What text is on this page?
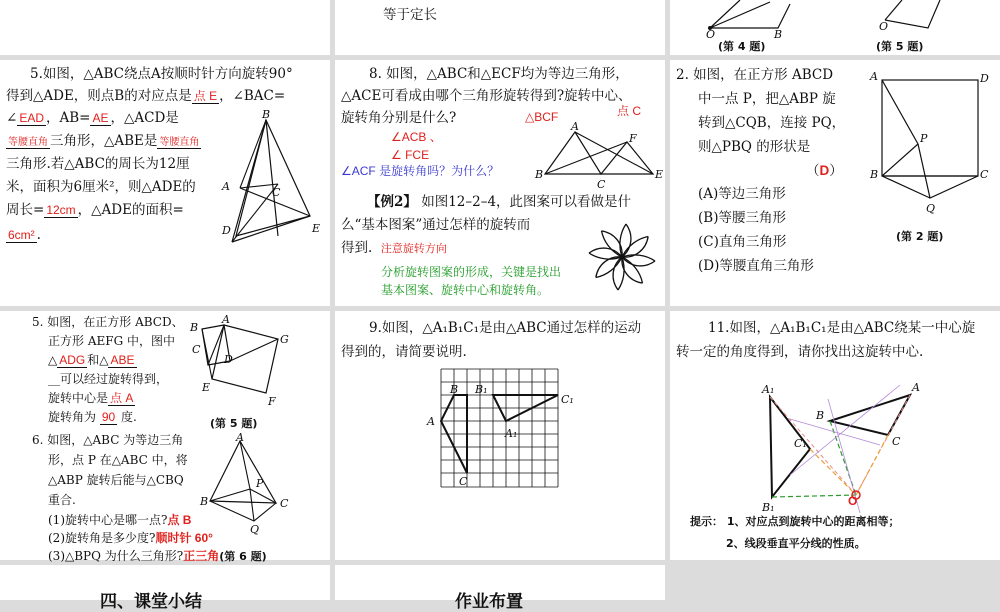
等于定长
O	B
O
(第 4 题)	(第 5 题)
5.如图，△ABC绕点A按顺时针方向旋转90°
得到△ADE，则点B的对应点是 点 E ，∠BAC=
∠ EAD ，AB= AE ，△ACD是
等腰直角 三角形，△ABE是 等腰直角
三角形.若△ABC的周长为12厘
米，面积为6厘米²，则△ADE的
周长= 12cm ，△ADE的面积=
6cm² .
B
A	C
D	E
8. 如图，△ABC和△ECF均为等边三角形，
△ACE可看成由哪个三角形旋转得到?旋转中心、
旋转角分别是什么?	△BCF	点 C
∠ACB 、
∠ FCE
∠ACF 是旋转角吗？为什么？
A
F
B
C
E
【例2】 如图12–2–4，此图案可以看做是什
么“基本图案”通过怎样的旋转而
得到. 注意旋转方向
分析旋转图案的形成，关键是找出
基本图案、旋转中心和旋转角。
2. 如图，在正方形 ABCD
中一点 P，把△ABP 旋
转到△CQB，连接 PQ，
则△PBQ 的形状是
（D）
(A)等边三角形
(B)等腰三角形
(C)直角三角形
(D)等腰直角三角形
A	D
P
B	C
Q
(第 2 题)
5. 如图，在正方形 ABCD、
正方形 AEFG 中，图中
△ ADG 和△ ABE
__可以经过旋转得到，
旋转中心是 点 A
旋转角为 90 度.	(第 5 题)
B
A
C
D
G
E
F
6. 如图，△ABC 为等边三角
形，点 P 在△ABC 中，将
△ABP 旋转后能与△CBQ
重合.
(1)旋转中心是哪一点?点 B
(2)旋转角是多少度?顺时针 60°
(3)△BPQ 为什么三角形?正三角(第 6 题)
A
P
B	C
Q
9.如图，△A₁B₁C₁是由△ABC通过怎样的运动
得到的，请简要说明.
B B₁
C₁
A
A₁
C
11.如图，△A₁B₁C₁是由△ABC绕某一中心旋
转一定的角度得到，请你找出这旋转中心.
A₁
B
A
C₁	C
B₁	O
提示： 1、对应点到旋转中心的距离相等；
2、线段垂直平分线的性质。
四、课堂小结	作业布置
